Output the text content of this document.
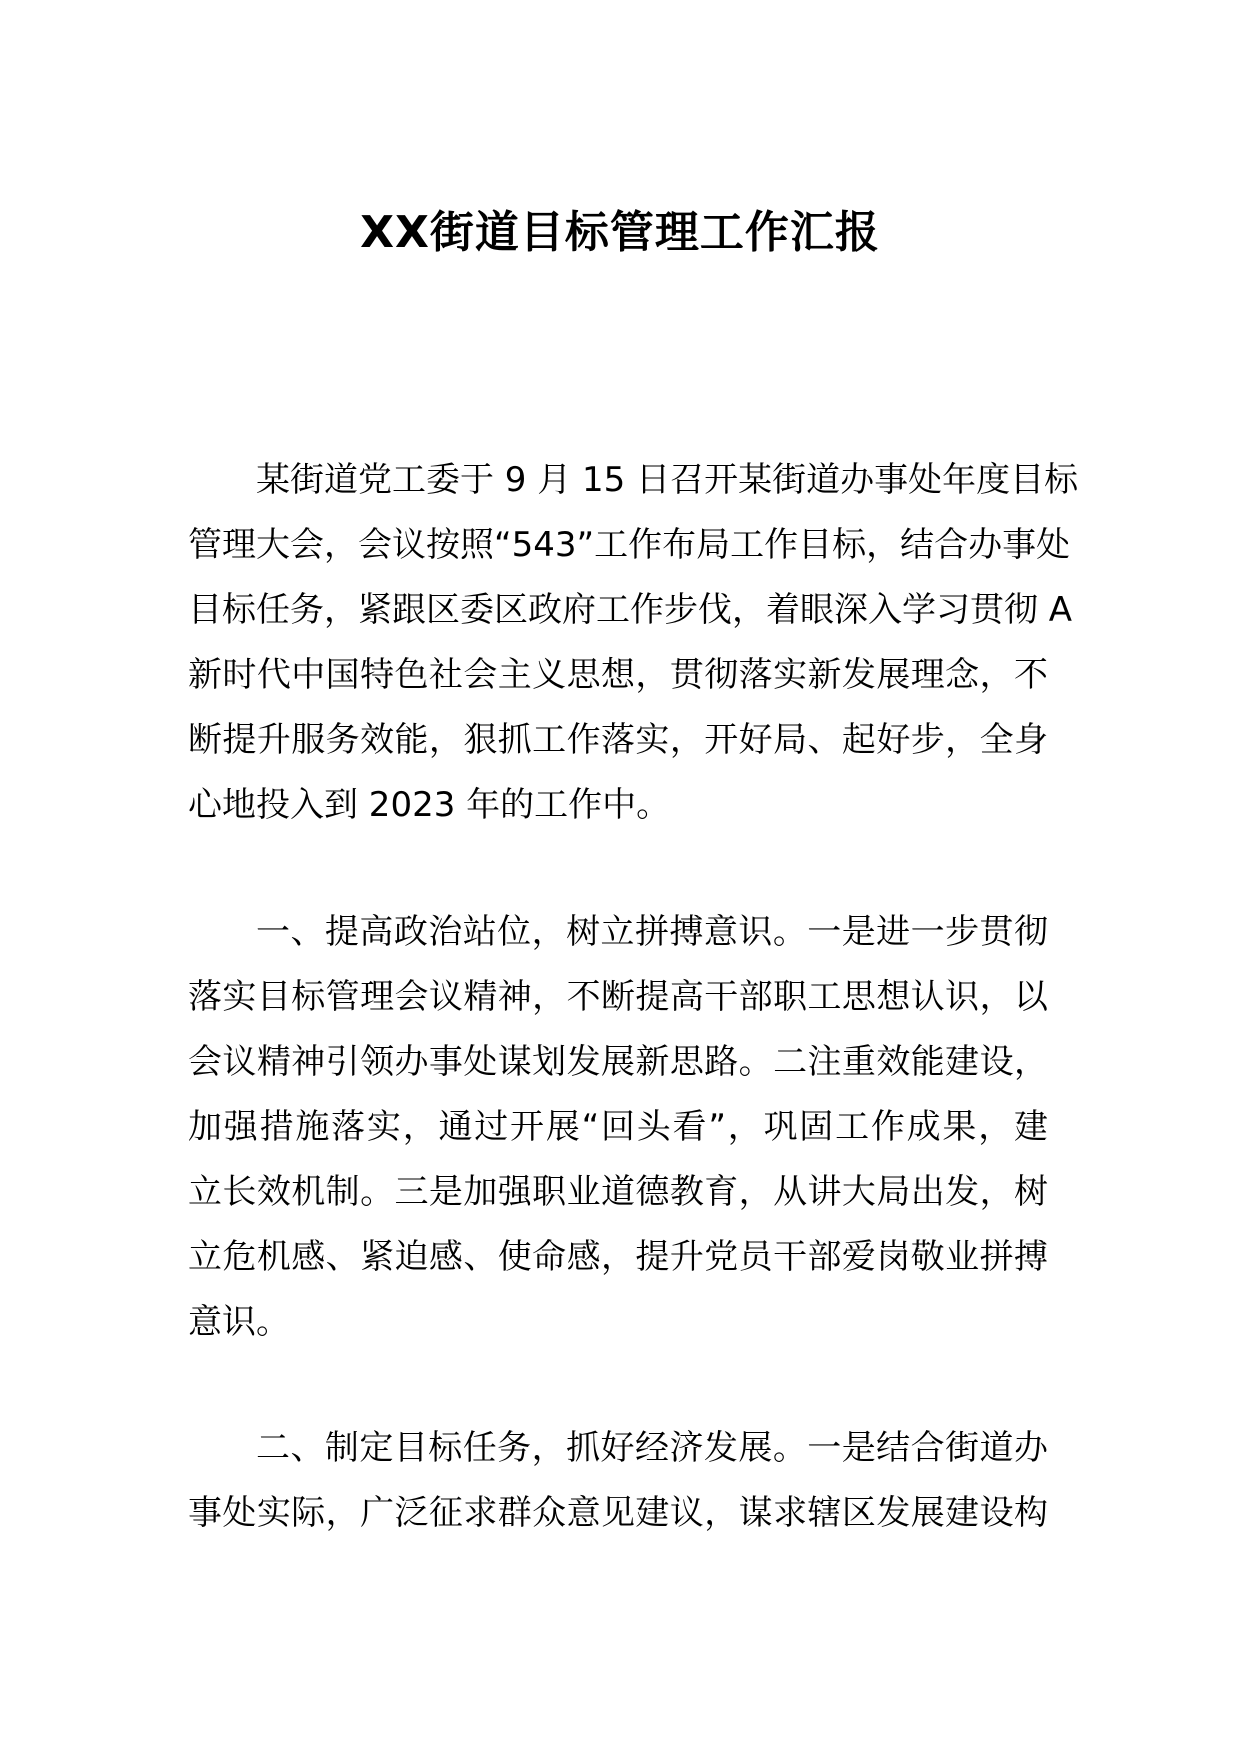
XX街道目标管理工作汇报
某街道党工委于 9 月 15 日召开某街道办事处年度目标
管理大会，会议按照“543”工作布局工作目标，结合办事处
目标任务，紧跟区委区政府工作步伐，着眼深入学习贯彻 A
新时代中国特色社会主义思想，贯彻落实新发展理念，不
断提升服务效能，狠抓工作落实，开好局、起好步，全身
心地投入到 2023 年的工作中。
一、提高政治站位，树立拼搏意识。一是进一步贯彻
落实目标管理会议精神，不断提高干部职工思想认识，以
会议精神引领办事处谋划发展新思路。二注重效能建设，
加强措施落实，通过开展“回头看”，巩固工作成果，建
立长效机制。三是加强职业道德教育，从讲大局出发，树
立危机感、紧迫感、使命感，提升党员干部爱岗敬业拼搏
意识。
二、制定目标任务，抓好经济发展。一是结合街道办
事处实际，广泛征求群众意见建议，谋求辖区发展建设构
